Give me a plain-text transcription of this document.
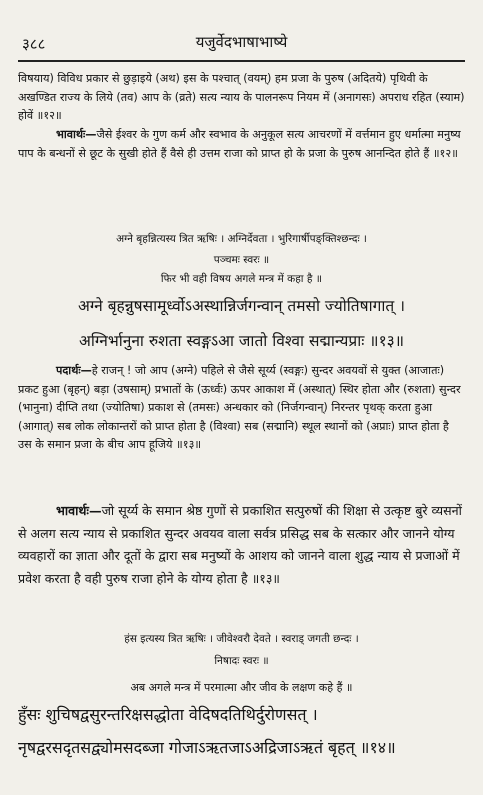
३८८	यजुर्वेदभाषाभाष्ये
विषयाय) विविध प्रकार से छुड़ाइये (अथ) इस के पश्चात् (वयम्) हम प्रजा के पुरुष (अदितये) पृथिवी के अखण्डित राज्य के लिये (तव) आप के (व्रते) सत्य न्याय के पालनरूप नियम में (अनागसः) अपराध रहित (स्याम) होवें ॥१२॥
भावार्थः—जैसे ईश्वर के गुण कर्म और स्वभाव के अनुकूल सत्य आचरणों में वर्त्तमान हुए धर्मात्मा मनुष्य पाप के बन्धनों से छूट के सुखी होते हैं वैसे ही उत्तम राजा को प्राप्त हो के प्रजा के पुरुष आनन्दित होते हैं ॥१२॥
अग्ने बृहन्नित्यस्य त्रित ऋषिः । अग्निर्देवता । भुरिगार्षीपङ्क्तिश्छन्दः ।
पञ्चमः स्वरः ॥
फिर भी वही विषय अगले मन्त्र में कहा है ॥
अग्ने बृहन्नुषसामूर्ध्वोऽअस्थान्निर्जगन्वान् तमसो ज्योतिषागात् ।
अग्निर्भानुना रुशता स्वङ्गऽआ जातो विश्वा सद्मान्यप्राः ॥१३॥
पदार्थः—हे राजन् ! जो आप (अग्ने) पहिले से जैसे सूर्य्य (स्वङ्गः) सुन्दर अवयवों से युक्त (आजातः) प्रकट हुआ (बृहन्) बड़ा (उषसाम्) प्रभातों के (ऊर्ध्वः) ऊपर आकाश में (अस्थात्) स्थिर होता और (रुशता) सुन्दर (भानुना) दीप्ति तथा (ज्योतिषा) प्रकाश से (तमसः) अन्धकार को (निर्जगन्वान्) निरन्तर पृथक् करता हुआ (आगात्) सब लोक लोकान्तरों को प्राप्त होता है (विश्वा) सब (सद्मानि) स्थूल स्थानों को (अप्राः) प्राप्त होता है उस के समान प्रजा के बीच आप हूजिये ॥१३॥
भावार्थः—जो सूर्य्य के समान श्रेष्ठ गुणों से प्रकाशित सत्पुरुषों की शिक्षा से उत्कृष्ट बुरे व्यसनों से अलग सत्य न्याय से प्रकाशित सुन्दर अवयव वाला सर्वत्र प्रसिद्ध सब के सत्कार और जानने योग्य व्यवहारों का ज्ञाता और दूतों के द्वारा सब मनुष्यों के आशय को जानने वाला शुद्ध न्याय से प्रजाओं में प्रवेश करता है वही पुरुष राजा होने के योग्य होता है ॥१३॥
हंस इत्यस्य त्रित ऋषिः । जीवेश्वरौ देवते । स्वराड् जगती छन्दः ।
निषादः स्वरः ॥
अब अगले मन्त्र में परमात्मा और जीव के लक्षण कहे हैं ॥
हुँसः शुचिषद्वसुरन्तरिक्षसद्धोता वेदिषदतिथिर्दुरोणसत् ।
नृषद्वरसदृतसद्व्योमसदब्जा गोजाऽऋतजाऽअद्रिजाऽऋतं बृहत् ॥१४॥
